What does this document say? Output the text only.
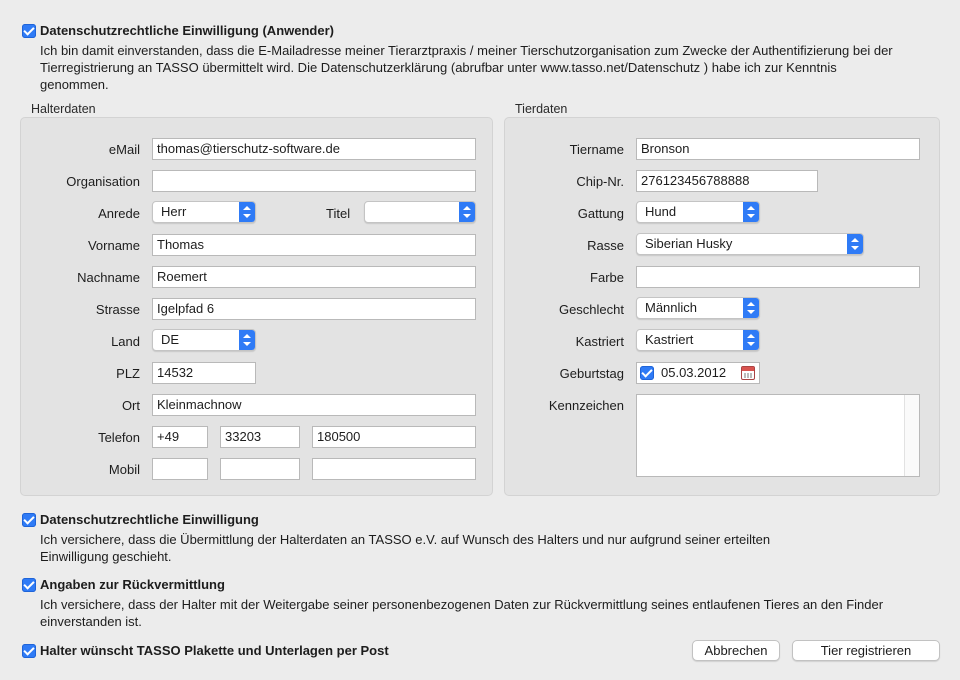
Datenschutzrechtliche Einwilligung (Anwender)
Ich bin damit einverstanden, dass die E-Mailadresse meiner Tierarztpraxis / meiner Tierschutzorganisation zum Zwecke der Authentifizierung bei der
Tierregistrierung an TASSO übermittelt wird. Die Datenschutzerklärung (abrufbar unter www.tasso.net/Datenschutz ) habe ich zur Kenntnis
genommen.
Halterdaten
eMail	thomas@tierschutz-software.de
Organisation
Anrede	Herr	Titel
Vorname	Thomas
Nachname	Roemert
Strasse	Igelpfad 6
Land	DE
PLZ	14532
Ort	Kleinmachnow
Telefon	+49	33203	180500
Mobil
Tierdaten
Tiername	Bronson
Chip-Nr.	276123456788888
Gattung	Hund
Rasse	Siberian Husky
Farbe
Geschlecht	Männlich
Kastriert	Kastriert
Geburtstag	05.03.2012
Kennzeichen
Datenschutzrechtliche Einwilligung
Ich versichere, dass die Übermittlung der Halterdaten an TASSO e.V. auf Wunsch des Halters und nur aufgrund seiner erteilten
Einwilligung geschieht.
Angaben zur Rückvermittlung
Ich versichere, dass der Halter mit der Weitergabe seiner personenbezogenen Daten zur Rückvermittlung seines entlaufenen Tieres an den Finder
einverstanden ist.
Halter wünscht TASSO Plakette und Unterlagen per Post	Abbrechen	Tier registrieren
